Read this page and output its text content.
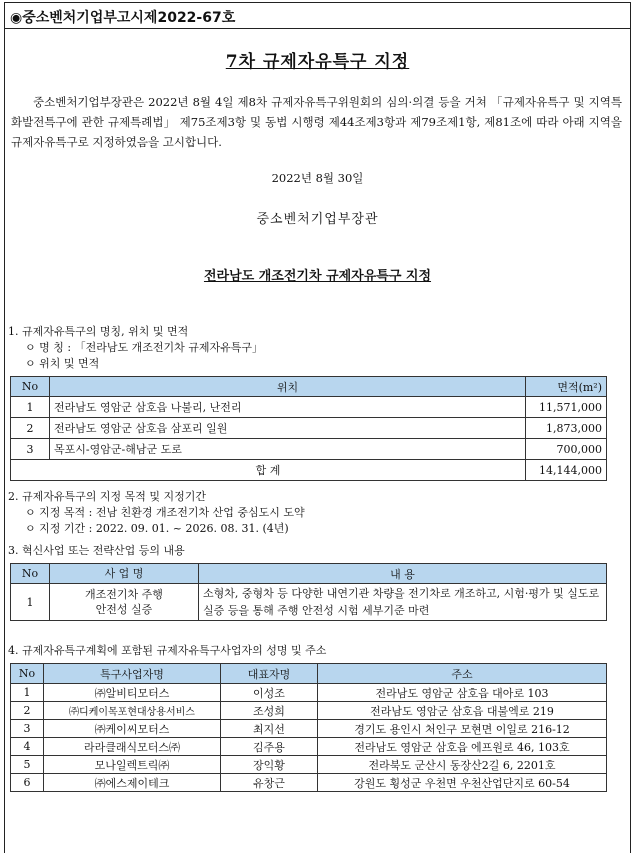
◉중소벤처기업부고시제2022-67호
7차 규제자유특구 지정
중소벤처기업부장관은 2022년 8월 4일 제8차 규제자유특구위원회의 심의·의결 등을 거쳐 「규제자유특구 및 지역특화발전특구에 관한 규제특례법」 제75조제3항 및 동법 시행령 제44조제3항과 제79조제1항, 제81조에 따라 아래 지역을 규제자유특구로 지정하였음을 고시합니다.
2022년 8월 30일
중소벤처기업부장관
전라남도 개조전기차 규제자유특구 지정
1. 규제자유특구의 명칭, 위치 및 면적
ㅇ 명 칭 : 「전라남도 개조전기차 규제자유특구」
ㅇ 위치 및 면적
No	위치	면적(m²)
1	전라남도 영암군 삼호읍 나불리, 난전리	11,571,000
2	전라남도 영암군 삼호읍 삼포리 일원	1,873,000
3	목포시-영암군-해남군 도로	700,000
합 계		14,144,000
2. 규제자유특구의 지정 목적 및 지정기간
ㅇ 지정 목적 : 전남 친환경 개조전기차 산업 중심도시 도약
ㅇ 지정 기간 : 2022. 09. 01. ~ 2026. 08. 31. (4년)
3. 혁신사업 또는 전략산업 등의 내용
No	사 업 명	내 용
1	개조전기차 주행
안전성 실증	소형차, 중형차 등 다양한 내연기관 차량을 전기차로 개조하고, 시험·평가 및 실도로 실증 등을 통해 주행 안전성 시험 세부기준 마련
4. 규제자유특구계획에 포함된 규제자유특구사업자의 성명 및 주소
No	특구사업자명	대표자명	주소
1	㈜알비티모터스	이성조	전라남도 영암군 삼호읍 대아로 103
2	㈜디케이목포현대상용서비스	조성희	전라남도 영암군 삼호읍 대불엑로 219
3	㈜케이씨모터스	최지선	경기도 용인시 처인구 모현면 이일로 216-12
4	라라클래식모터스㈜	김주용	전라남도 영암군 삼호읍 에프원로 46, 103호
5	모나일렉트릭㈜	장익황	전라북도 군산시 동장산2길 6, 2201호
6	㈜에스제이테크	유창근	강원도 횡성군 우천면 우천산업단지로 60-54
